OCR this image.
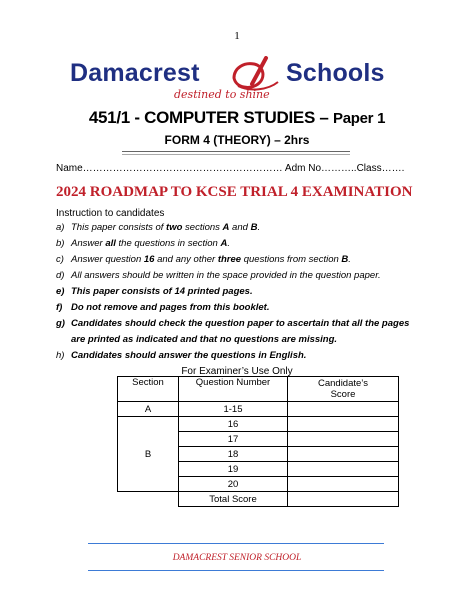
1
Damacrest	Schools
destined to shine
451/1 - COMPUTER STUDIES – Paper 1
FORM 4 (THEORY) – 2hrs
Name…………………………………………………… Adm No………..Class…….
2024 ROADMAP TO KCSE TRIAL 4 EXAMINATION
Instruction to candidates
a) This paper consists of two sections A and B.
b) Answer all the questions in section A.
c) Answer question 16 and any other three questions from section B.
d) All answers should be written in the space provided in the question paper.
e) This paper consists of 14 printed pages.
f) Do not remove and pages from this booklet.
g) Candidates should check the question paper to ascertain that all the pages
are printed as indicated and that no questions are missing.
h) Candidates should answer the questions in English.
For Examiner’s Use Only
Section	Question Number	Candidate’s
Score

A	1-15	
B	16	
	17	
	18	
	19	
	20	
	Total Score	
DAMACREST SENIOR SCHOOL
